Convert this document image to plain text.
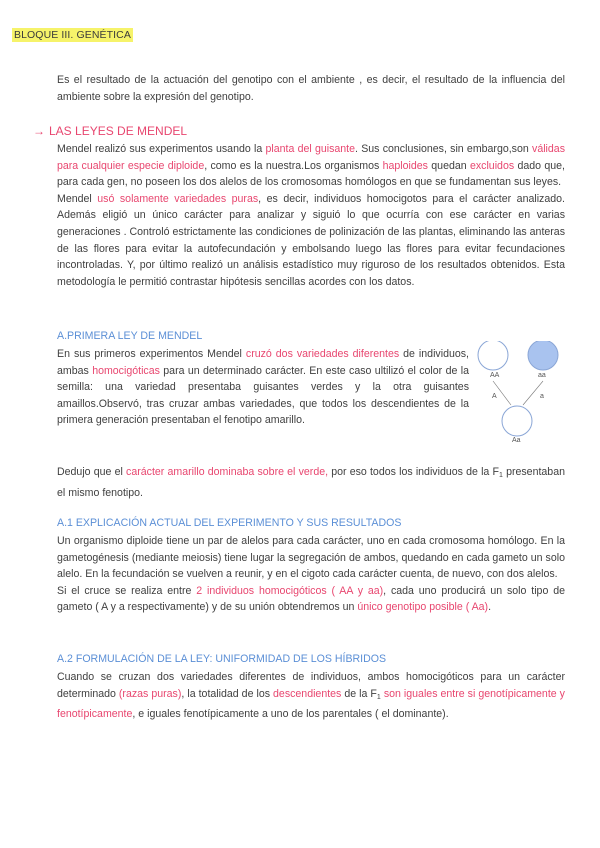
BLOQUE III. GENÉTICA
Es el resultado de la actuación del genotipo con el ambiente , es decir, el resultado de la influencia del ambiente sobre la expresión del genotipo.
→ LAS LEYES DE MENDEL

Mendel realizó sus experimentos usando la planta del guisante. Sus conclusiones, sin embargo,son válidas para cualquier especie diploide, como es la nuestra.Los organismos haploides quedan excluidos dado que, para cada gen, no poseen los dos alelos de los cromosomas homólogos en que se fundamentan sus leyes.

Mendel usó solamente variedades puras, es decir, individuos homocigotos para el carácter analizado. Además eligió un único carácter para analizar y siguió lo que ocurría con ese carácter en varias generaciones . Controló estrictamente las condiciones de polinización de las plantas, eliminando las anteras de las flores para evitar la autofecundación y embolsando luego las flores para evitar fecundaciones incontroladas. Y, por último realizó un análisis estadístico muy riguroso de los resultados obtenidos. Esta metodología le permitió contrastar hipótesis sencillas acordes con los datos.

A.PRIMERA LEY DE MENDEL

En sus primeros experimentos Mendel cruzó dos variedades diferentes de individuos, ambas homocigóticas para un determinado carácter. En este caso ultilizó el color de la semilla: una variedad presentaba guisantes verdes y la otra guisantes amaillos.Observó, tras cruzar ambas variedades, que todos los descendientes de la primera generación presentaban el fenotipo amarillo.

AA	aa
A	a
Aa

Dedujo que el carácter amarillo dominaba sobre el verde, por eso todos los individuos de la $F_1$ presentaban el mismo fenotipo.

A.1 EXPLICACIÓN ACTUAL DEL EXPERIMENTO Y SUS RESULTADOS

Un organismo diploide tiene un par de alelos para cada carácter, uno en cada cromosoma homólogo. En la gametogénesis (mediante meiosis) tiene lugar la segregación de ambos, quedando en cada gameto un solo alelo. En la fecundación se vuelven a reunir, y en el cigoto cada carácter cuenta, de nuevo, con dos alelos.

Si el cruce se realiza entre 2 individuos homocigóticos ( AA y aa), cada uno producirá un solo tipo de gameto ( A y a respectivamente) y de su unión obtendremos un único genotipo posible ( Aa).

A.2 FORMULACIÓN DE LA LEY: UNIFORMIDAD DE LOS HÍBRIDOS

Cuando se cruzan dos variedades diferentes de individuos, ambos homocigóticos para un carácter determinado (razas puras), la totalidad de los descendientes de la $F_1$ son iguales entre si genotípicamente y fenotípicamente, e iguales fenotípicamente a uno de los parentales ( el dominante).
